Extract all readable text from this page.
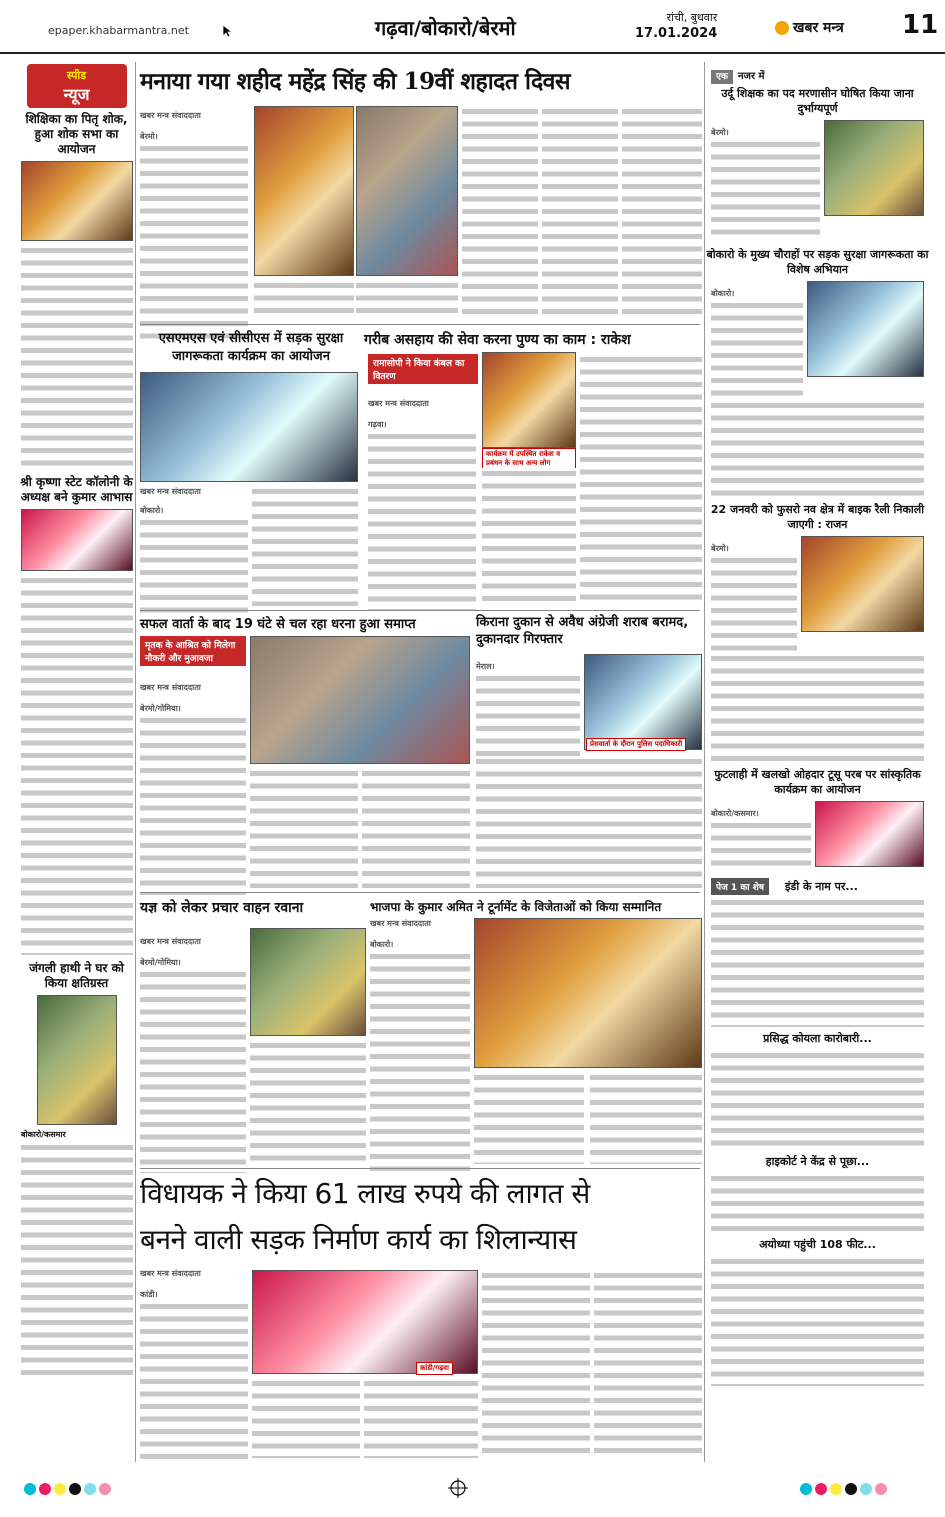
epaper.khabarmantra.net	गढ़वा/बोकारो/बेरमो	रांची, बुधवार
17.01.2024	खबर मन्त्र 11
स्पीड
न्यूज
शिक्षिका का पितृ शोक, हुआ शोक सभा का आयोजन
श्री कृष्णा स्टेट कॉलोनी के अध्यक्ष बने कुमार आभास
जंगली हाथी ने घर को किया क्षतिग्रस्त
बोकारो/कसमार
मनाया गया शहीद महेंद्र सिंह की 19वीं शहादत दिवस
खबर मन्त्र संवाददाता
बेरमो।
एसएमएस एवं सीसीएस में सड़क सुरक्षा जागरूकता कार्यक्रम का आयोजन
खबर मन्त्र संवाददाता
बोकारो।
गरीब असहाय की सेवा करना पुण्य का काम : राकेश
रामासोपी ने किया कंबल का वितरण
कार्यक्रम में उपस्थित राकेश व प्रबंधन के साथ अन्य लोग
खबर मन्त्र संवाददाता
गढ़वा।
सफल वार्ता के बाद 19 घंटे से चल रहा धरना हुआ समाप्त
मृतक के आश्रित को मिलेगा नौकरी और मुआवजा
खबर मन्त्र संवाददाता
बेरमो/गोमिया।
किराना दुकान से अवैध अंग्रेजी शराब बरामद, दुकानदार गिरफ्तार
मेराल।
प्रेसवार्ता के दौरान पुलिस पदाधिकारी
यज्ञ को लेकर प्रचार वाहन रवाना
खबर मन्त्र संवाददाता
बेरमो/गोमिया।
भाजपा के कुमार अमित ने टूर्नामेंट के विजेताओं को किया सम्मानित
खबर मन्त्र संवाददाता
बोकारो।
विधायक ने किया 61 लाख रुपये की लागत से
बनने वाली सड़क निर्माण कार्य का शिलान्यास
खबर मन्त्र संवाददाता
कांडी।
कांडी/गढ़वा
एक नजर में
उर्दू शिक्षक का पद मरणासीन घोषित किया जाना दुर्भाग्यपूर्ण
बेरमो।
बोकारो के मुख्य चौराहों पर सड़क सुरक्षा जागरूकता का विशेष अभियान
बोकारो।
22 जनवरी को फुसरो नव क्षेत्र में बाइक रैली निकाली जाएगी : राजन
बेरमो।
फुटलाही में खलखो ओहदार टूसू परब पर सांस्कृतिक कार्यक्रम का आयोजन
बोकारो/कसमार।
पेज 1 का शेष	इंडी के नाम पर...
प्रसिद्ध कोयला कारोबारी...
हाइकोर्ट ने केंद्र से पूछा...
अयोध्या पहुंची 108 फीट...
